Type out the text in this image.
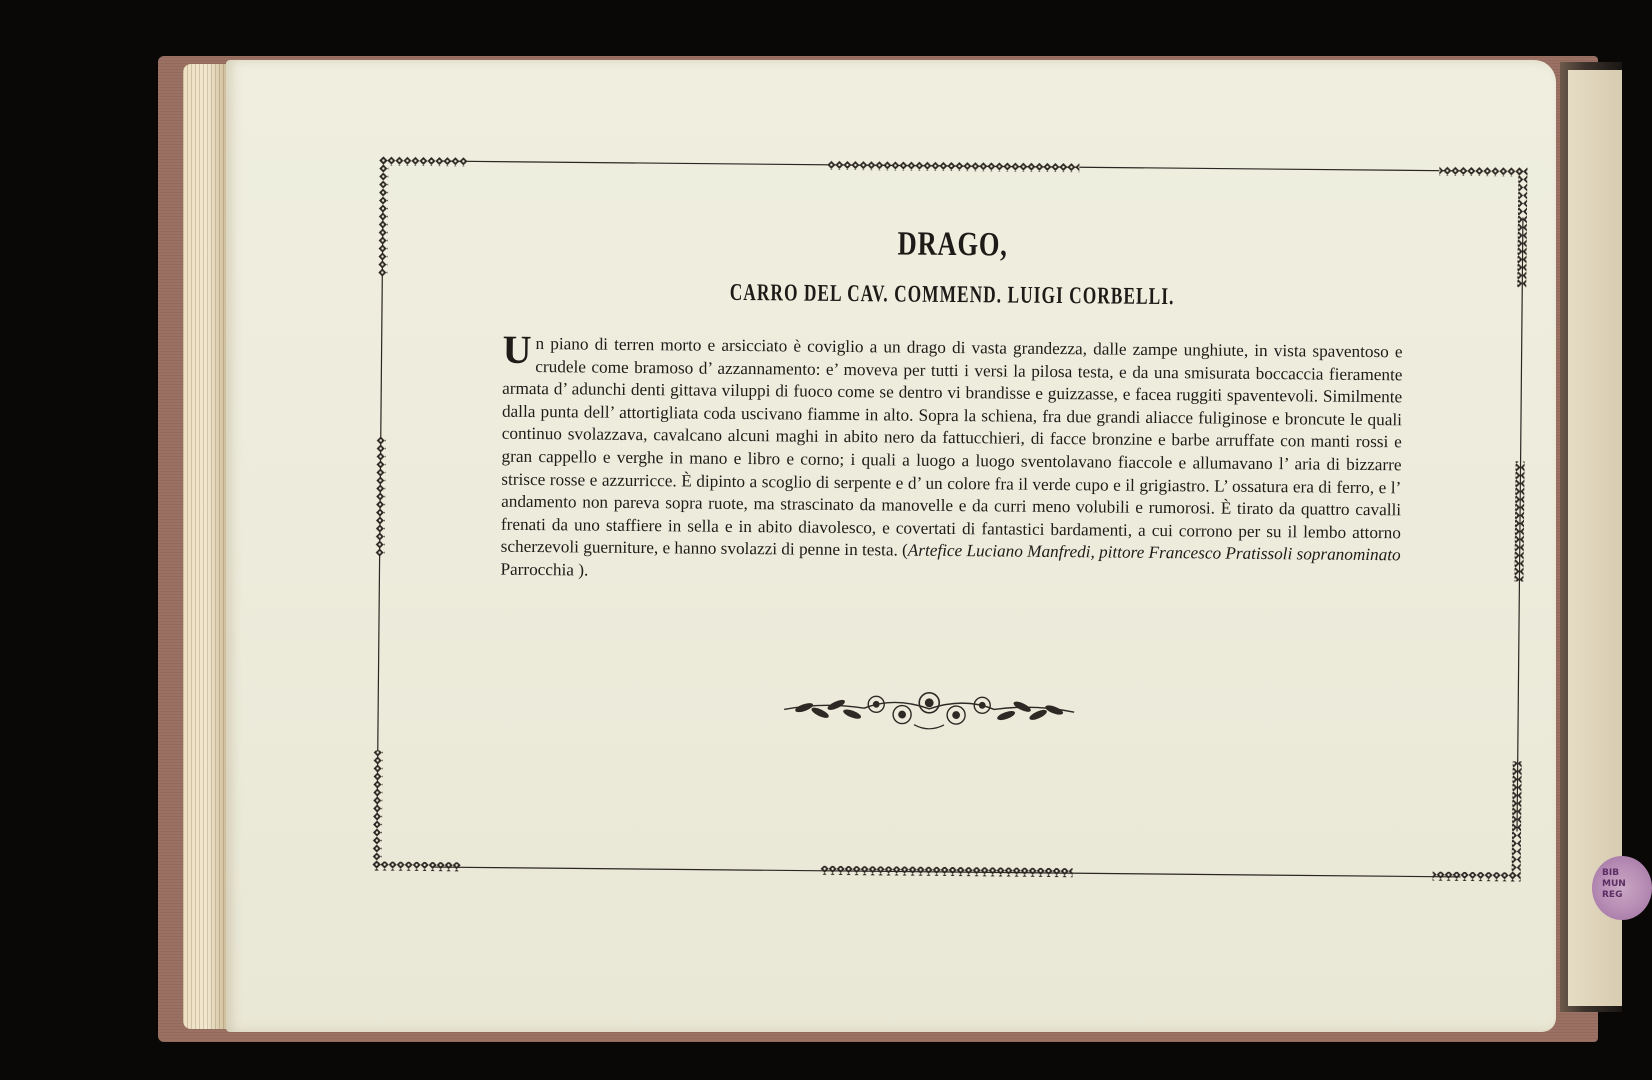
DRAGO,
CARRO DEL CAV. COMMEND. LUIGI CORBELLI.

Un piano di terren morto e arsicciato è coviglio a un drago di vasta grandezza, dalle zampe unghiute, in vista spaventoso e crudele come bramoso d’ azzannamento: e’ moveva per tutti i versi la pilosa testa, e da una smisurata boccaccia fieramente armata d’ adunchi denti gittava viluppi di fuoco come se dentro vi brandisse e guizzasse, e facea ruggiti spaventevoli. Similmente dalla punta dell’ attortigliata coda uscivano fiamme in alto. Sopra la schiena, fra due grandi aliacce fuliginose e broncute le quali continuo svolazzava, cavalcano alcuni maghi in abito nero da fattucchieri, di facce bronzine e barbe arruffate con manti rossi e gran cappello e verghe in mano e libro e corno; i quali a luogo a luogo sventolavano fiaccole e allumavano l’ aria di bizzarre strisce rosse e azzurricce. È dipinto a scoglio di serpente e d’ un colore fra il verde cupo e il grigiastro. L’ ossatura era di ferro, e l’ andamento non pareva sopra ruote, ma strascinato da manovelle e da curri meno volubili e rumorosi. È tirato da quattro cavalli frenati da uno staffiere in sella e in abito diavolesco, e covertati di fantastici bardamenti, a cui corrono per su il lembo attorno scherzevoli guerniture, e hanno svolazzi di penne in testa. (Artefice Luciano Manfredi, pittore Francesco Pratissoli sopranominato Parrocchia ).

BIB
MUN
REG
